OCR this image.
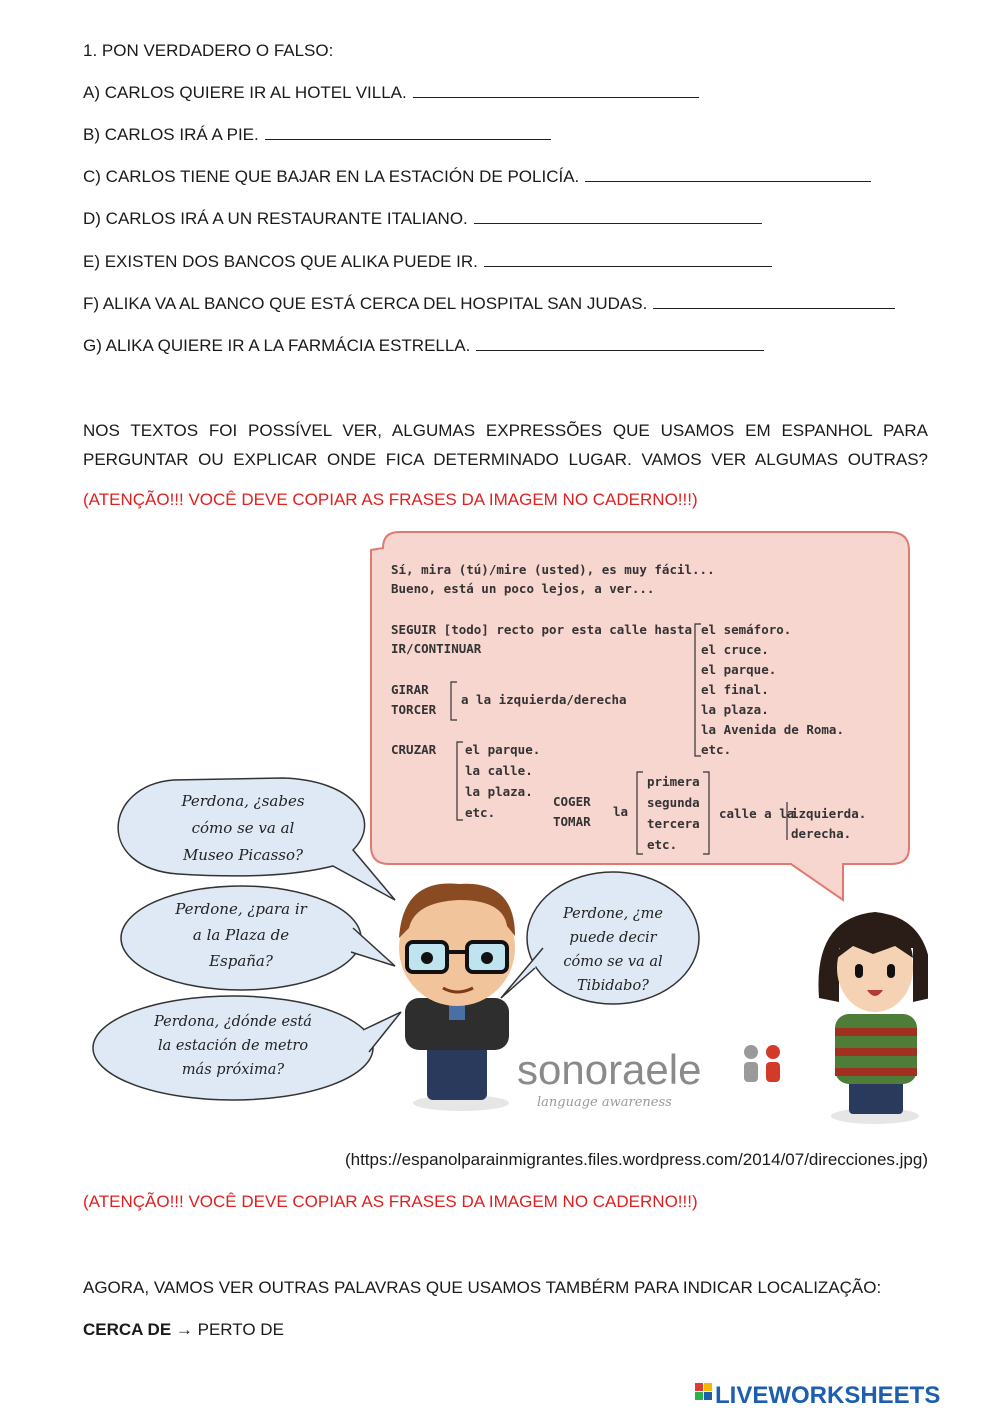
1. PON VERDADERO O FALSO:
A) CARLOS QUIERE IR AL HOTEL VILLA.
B) CARLOS IRÁ A PIE.
C) CARLOS TIENE QUE BAJAR EN LA ESTACIÓN DE POLICÍA.
D) CARLOS IRÁ A UN RESTAURANTE ITALIANO.
E) EXISTEN DOS BANCOS QUE ALIKA PUEDE IR.
F) ALIKA VA AL BANCO QUE ESTÁ CERCA DEL HOSPITAL SAN JUDAS.
G) ALIKA QUIERE IR A LA FARMÁCIA ESTRELLA.
NOS TEXTOS FOI POSSÍVEL VER, ALGUMAS EXPRESSÕES QUE USAMOS EM ESPANHOL PARA
PERGUNTAR OU EXPLICAR ONDE FICA DETERMINADO LUGAR. VAMOS VER ALGUMAS OUTRAS?
(ATENÇÃO!!! VOCÊ DEVE COPIAR AS FRASES DA IMAGEM NO CADERNO!!!)
Sí, mira (tú)/mire (usted), es muy fácil...
Bueno, está un poco lejos, a ver...
SEGUIR [todo] recto por esta calle hasta
IR/CONTINUAR
el semáforo.
el cruce.
el parque.
el final.
la plaza.
la Avenida de Roma.
etc.
GIRAR
TORCER
a la izquierda/derecha
CRUZAR el parque.
la calle.
la plaza.
etc.
COGER
TOMAR
la
primera
segunda
tercera
etc.
calle a la
izquierda.
derecha.
Perdona, ¿sabes
cómo se va al
Museo Picasso?
Perdone, ¿para ir
a la Plaza de
España?
Perdona, ¿dónde está
la estación de metro
más próxima?
Perdone, ¿me
puede decir
cómo se va al
Tibidabo?
sonoraele
language awareness
(https://espanolparainmigrantes.files.wordpress.com/2014/07/direcciones.jpg)
(ATENÇÃO!!! VOCÊ DEVE COPIAR AS FRASES DA IMAGEM NO CADERNO!!!)
AGORA, VAMOS VER OUTRAS PALAVRAS QUE USAMOS TAMBÉRM PARA INDICAR LOCALIZAÇÃO:
CERCA DE → PERTO DE
LIVEWORKSHEETS
